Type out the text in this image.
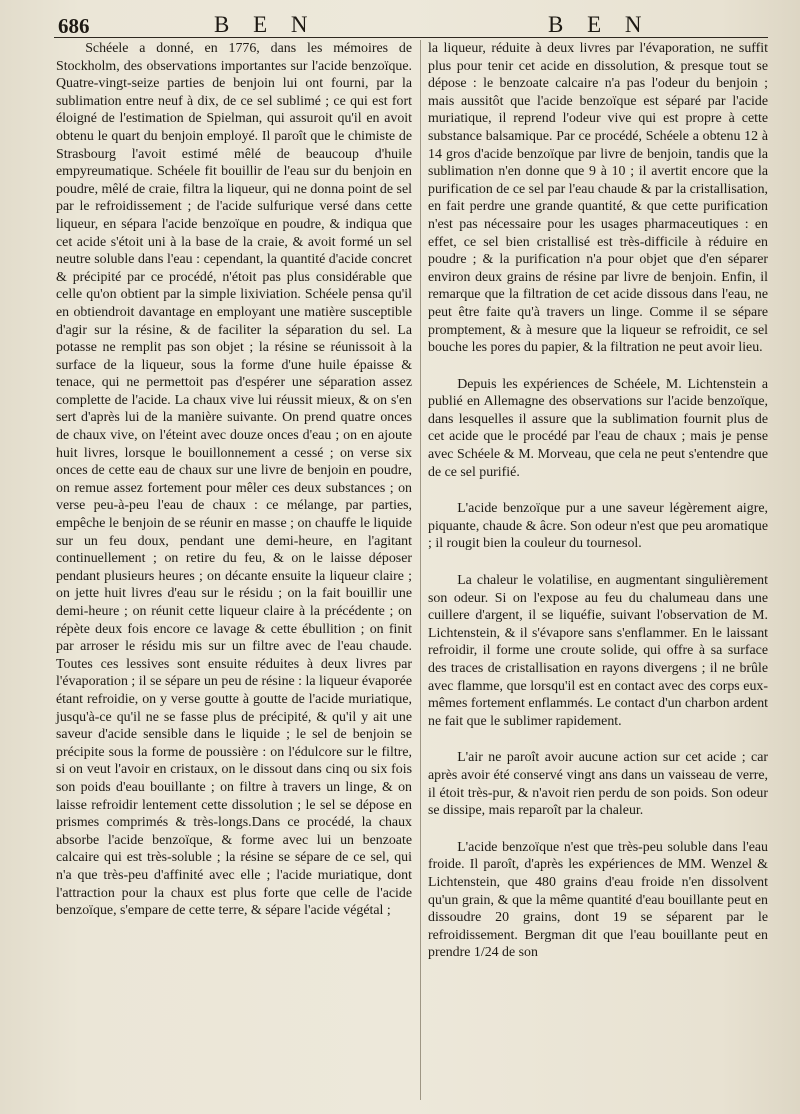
686	B E N	B E N

Schéele a donné, en 1776, dans les mémoires de Stockholm, des observations importantes sur l'acide benzoïque. Quatre-vingt-seize parties de benjoin lui ont fourni, par la sublimation entre neuf à dix, de ce sel sublimé ; ce qui est fort éloigné de l'estimation de Spielman, qui assuroit qu'il en avoit obtenu le quart du benjoin employé. Il paroît que le chimiste de Strasbourg l'avoit estimé mêlé de beaucoup d'huile empyreumatique. Schéele fit bouillir de l'eau sur du benjoin en poudre, mêlé de craie, filtra la liqueur, qui ne donna point de sel par le refroidissement ; de l'acide sulfurique versé dans cette liqueur, en sépara l'acide benzoïque en poudre, & indiqua que cet acide s'étoit uni à la base de la craie, & avoit formé un sel neutre soluble dans l'eau : cependant, la quantité d'acide concret & précipité par ce procédé, n'étoit pas plus considérable que celle qu'on obtient par la simple lixiviation. Schéele pensa qu'il en obtiendroit davantage en employant une matière susceptible d'agir sur la résine, & de faciliter la séparation du sel. La potasse ne remplit pas son objet ; la résine se réunissoit à la surface de la liqueur, sous la forme d'une huile épaisse & tenace, qui ne permettoit pas d'espérer une séparation assez complette de l'acide. La chaux vive lui réussit mieux, & on s'en sert d'après lui de la manière suivante. On prend quatre onces de chaux vive, on l'éteint avec douze onces d'eau ; on en ajoute huit livres, lorsque le bouillonnement a cessé ; on verse six onces de cette eau de chaux sur une livre de benjoin en poudre, on remue assez fortement pour mêler ces deux substances ; on verse peu-à-peu l'eau de chaux : ce mélange, par parties, empêche le benjoin de se réunir en masse ; on chauffe le liquide sur un feu doux, pendant une demi-heure, en l'agitant continuellement ; on retire du feu, & on le laisse déposer pendant plusieurs heures ; on décante ensuite la liqueur claire ; on jette huit livres d'eau sur le résidu ; on la fait bouillir une demi-heure ; on réunit cette liqueur claire à la précédente ; on répète deux fois encore ce lavage & cette ébullition ; on finit par arroser le résidu mis sur un filtre avec de l'eau chaude. Toutes ces lessives sont ensuite réduites à deux livres par l'évaporation ; il se sépare un peu de résine : la liqueur évaporée étant refroidie, on y verse goutte à goutte de l'acide muriatique, jusqu'à-ce qu'il ne se fasse plus de précipité, & qu'il y ait une saveur d'acide sensible dans le liquide ; le sel de benjoin se précipite sous la forme de poussière : on l'édulcore sur le filtre, si on veut l'avoir en cristaux, on le dissout dans cinq ou six fois son poids d'eau bouillante ; on filtre à travers un linge, & on laisse refroidir lentement cette dissolution ; le sel se dépose en prismes comprimés & très-longs.Dans ce procédé, la chaux absorbe l'acide benzoïque, & forme avec lui un benzoate calcaire qui est très-soluble ; la résine se sépare de ce sel, qui n'a que très-peu d'affinité avec elle ; l'acide muriatique, dont l'attraction pour la chaux est plus forte que celle de l'acide benzoïque, s'empare de cette terre, & sépare l'acide végétal ;

la liqueur, réduite à deux livres par l'évaporation, ne suffit plus pour tenir cet acide en dissolution, & presque tout se dépose : le benzoate calcaire n'a pas l'odeur du benjoin ; mais aussitôt que l'acide benzoïque est séparé par l'acide muriatique, il reprend l'odeur vive qui est propre à cette substance balsamique. Par ce procédé, Schéele a obtenu 12 à 14 gros d'acide benzoïque par livre de benjoin, tandis que la sublimation n'en donne que 9 à 10 ; il avertit encore que la purification de ce sel par l'eau chaude & par la cristallisation, en fait perdre une grande quantité, & que cette purification n'est pas nécessaire pour les usages pharmaceutiques : en effet, ce sel bien cristallisé est très-difficile à réduire en poudre ; & la purification n'a pour objet que d'en séparer environ deux grains de résine par livre de benjoin. Enfin, il remarque que la filtration de cet acide dissous dans l'eau, ne peut être faite qu'à travers un linge. Comme il se sépare promptement, & à mesure que la liqueur se refroidit, ce sel bouche les pores du papier, & la filtration ne peut avoir lieu.

Depuis les expériences de Schéele, M. Lichtenstein a publié en Allemagne des observations sur l'acide benzoïque, dans lesquelles il assure que la sublimation fournit plus de cet acide que le procédé par l'eau de chaux ; mais je pense avec Schéele & M. Morveau, que cela ne peut s'entendre que de ce sel purifié.

L'acide benzoïque pur a une saveur légèrement aigre, piquante, chaude & âcre. Son odeur n'est que peu aromatique ; il rougit bien la couleur du tournesol.

La chaleur le volatilise, en augmentant singulièrement son odeur. Si on l'expose au feu du chalumeau dans une cuillere d'argent, il se liquéfie, suivant l'observation de M. Lichtenstein, & il s'évapore sans s'enflammer. En le laissant refroidir, il forme une croute solide, qui offre à sa surface des traces de cristallisation en rayons divergens ; il ne brûle avec flamme, que lorsqu'il est en contact avec des corps eux-mêmes fortement enflammés. Le contact d'un charbon ardent ne fait que le sublimer rapidement.

L'air ne paroît avoir aucune action sur cet acide ; car après avoir été conservé vingt ans dans un vaisseau de verre, il étoit très-pur, & n'avoit rien perdu de son poids. Son odeur se dissipe, mais reparoît par la chaleur.

L'acide benzoïque n'est que très-peu soluble dans l'eau froide. Il paroît, d'après les expériences de MM. Wenzel & Lichtenstein, que 480 grains d'eau froide n'en dissolvent qu'un grain, & que la même quantité d'eau bouillante peut en dissoudre 20 grains, dont 19 se séparent par le refroidissement. Bergman dit que l'eau bouillante peut en prendre 1/24 de son
